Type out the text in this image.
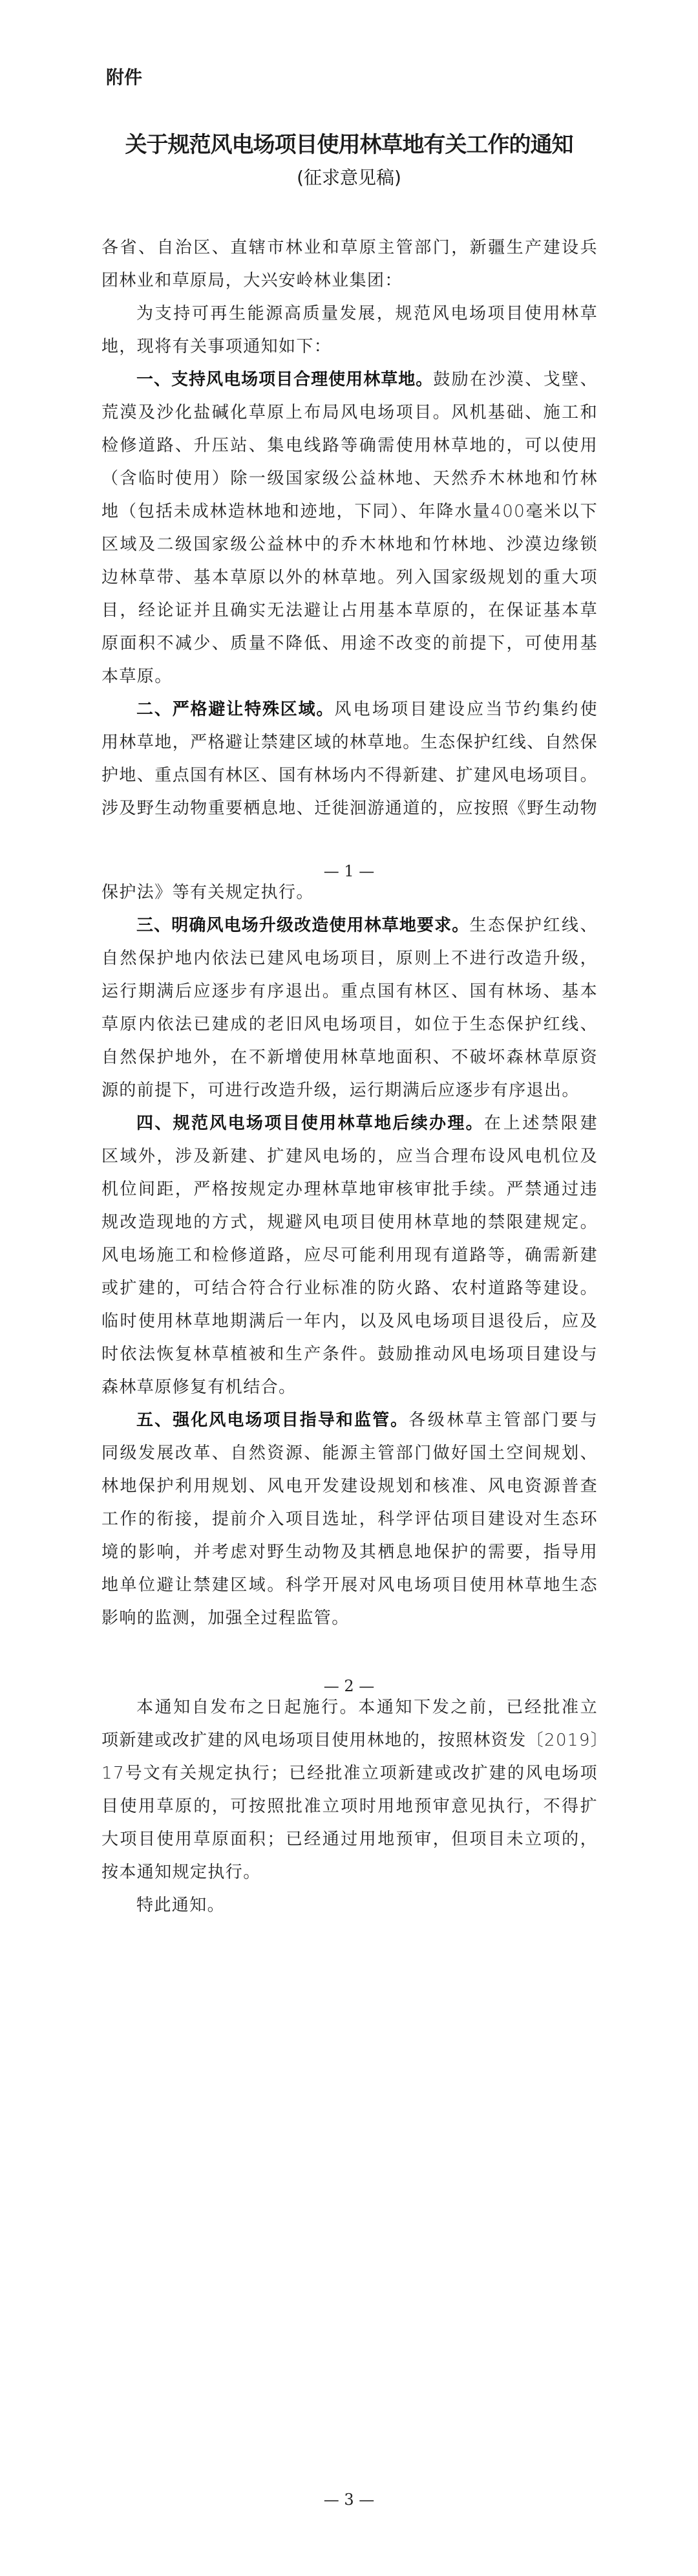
附件
关于规范风电场项目使用林草地有关工作的通知
(征求意见稿)
各省、自治区、直辖市林业和草原主管部门，新疆生产建设兵
团林业和草原局，大兴安岭林业集团：
为支持可再生能源高质量发展，规范风电场项目使用林草
地，现将有关事项通知如下：
一、支持风电场项目合理使用林草地。鼓励在沙漠、戈壁、
荒漠及沙化盐碱化草原上布局风电场项目。风机基础、施工和
检修道路、升压站、集电线路等确需使用林草地的，可以使用
（含临时使用）除一级国家级公益林地、天然乔木林地和竹林
地（包括未成林造林地和迹地，下同）、年降水量400毫米以下
区域及二级国家级公益林中的乔木林地和竹林地、沙漠边缘锁
边林草带、基本草原以外的林草地。列入国家级规划的重大项
目，经论证并且确实无法避让占用基本草原的，在保证基本草
原面积不减少、质量不降低、用途不改变的前提下，可使用基
本草原。
二、严格避让特殊区域。风电场项目建设应当节约集约使
用林草地，严格避让禁建区域的林草地。生态保护红线、自然保
护地、重点国有林区、国有林场内不得新建、扩建风电场项目。
涉及野生动物重要栖息地、迁徙洄游通道的，应按照《野生动物
保护法》等有关规定执行。
三、明确风电场升级改造使用林草地要求。生态保护红线、
自然保护地内依法已建风电场项目，原则上不进行改造升级，
运行期满后应逐步有序退出。重点国有林区、国有林场、基本
草原内依法已建成的老旧风电场项目，如位于生态保护红线、
自然保护地外，在不新增使用林草地面积、不破坏森林草原资
源的前提下，可进行改造升级，运行期满后应逐步有序退出。
四、规范风电场项目使用林草地后续办理。在上述禁限建
区域外，涉及新建、扩建风电场的，应当合理布设风电机位及
机位间距，严格按规定办理林草地审核审批手续。严禁通过违
规改造现地的方式，规避风电项目使用林草地的禁限建规定。
风电场施工和检修道路，应尽可能利用现有道路等，确需新建
或扩建的，可结合符合行业标准的防火路、农村道路等建设。
临时使用林草地期满后一年内，以及风电场项目退役后，应及
时依法恢复林草植被和生产条件。鼓励推动风电场项目建设与
森林草原修复有机结合。
五、强化风电场项目指导和监管。各级林草主管部门要与
同级发展改革、自然资源、能源主管部门做好国土空间规划、
林地保护利用规划、风电开发建设规划和核准、风电资源普查
工作的衔接，提前介入项目选址，科学评估项目建设对生态环
境的影响，并考虑对野生动物及其栖息地保护的需要，指导用
地单位避让禁建区域。科学开展对风电场项目使用林草地生态
影响的监测，加强全过程监管。
本通知自发布之日起施行。本通知下发之前，已经批准立
项新建或改扩建的风电场项目使用林地的，按照林资发〔2019〕
17号文有关规定执行；已经批准立项新建或改扩建的风电场项
目使用草原的，可按照批准立项时用地预审意见执行，不得扩
大项目使用草原面积；已经通过用地预审，但项目未立项的，
按本通知规定执行。
特此通知。
— 1 —
— 2 —
— 3 —
